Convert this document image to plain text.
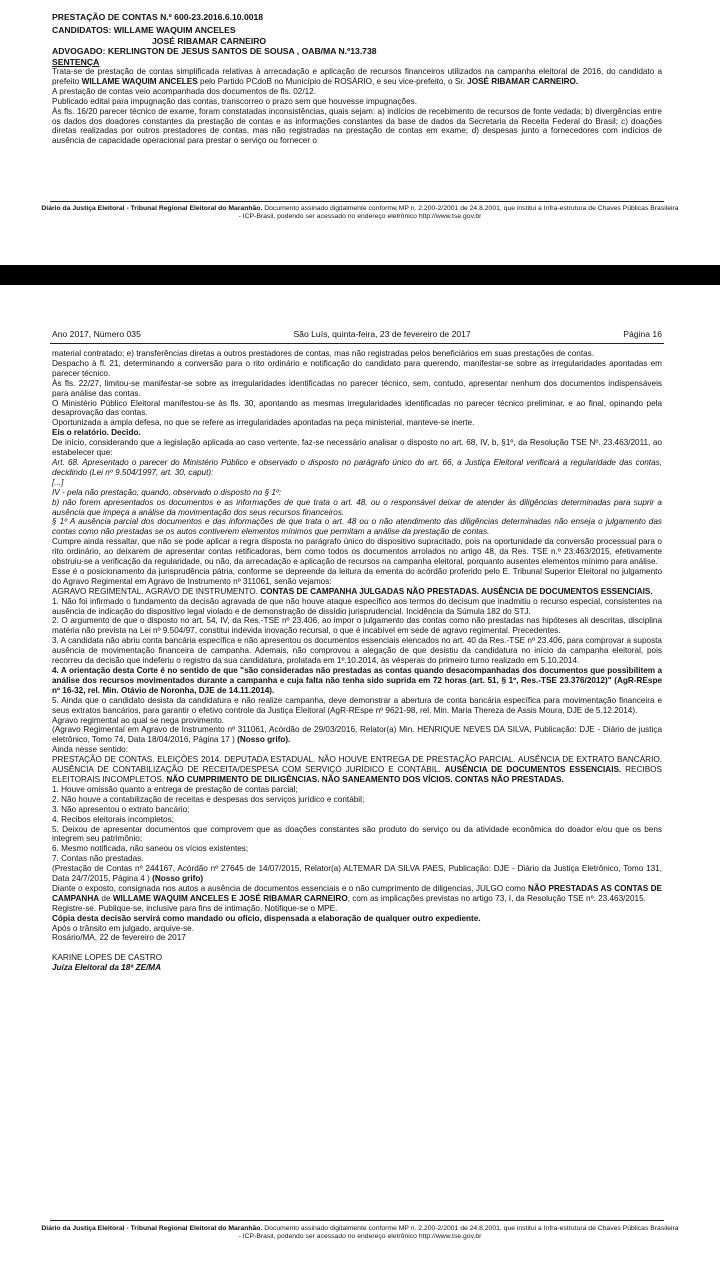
PRESTAÇÃO DE CONTAS N.º 600-23.2016.6.10.0018
CANDIDATOS: WILLAME WAQUIM ANCELES
JOSÉ RIBAMAR CARNEIRO
ADVOGADO: KERLINGTON DE JESUS SANTOS DE SOUSA , OAB/MA N.º13.738
SENTENÇA

Trata-se de prestação de contas simplificada relativas à arrecadação e aplicação de recursos financeiros utilizados na campanha eleitoral de 2016, do candidato a prefeito WILLAME WAQUIM ANCELES pelo Partido PCdoB no Município de ROSÁRIO, e seu vice-prefeito, o Sr. JOSÉ RIBAMAR CARNEIRO.

A prestação de contas veio acompanhada dos documentos de fls. 02/12.

Publicado edital para impugnação das contas, transcorreo o prazo sem que houvesse impugnações.

Às fls. 16/20 parecer técnico de exame, foram constatadas inconsistências, quais sejam: a) indícios de recebimento de recursos de fonte vedada; b) divergências entre os dados dos doadores constantes da prestação de contas e as informações constantes da base de dados da Secretaria da Receita Federal do Brasil; c) doações diretas realizadas por outros prestadores de contas, mas não registradas na prestação de contas em exame; d) despesas junto a fornecedores com indícios de ausência de capacidade operacional para prestar o serviço ou fornecer o

Diário da Justiça Eleitoral - Tribunal Regional Eleitoral do Maranhão. Documento assinado digitalmente conforme MP n. 2.200-2/2001 de 24.8.2001, que institui a Infra-estrutura de Chaves Públicas Brasileira - ICP-Brasil, podendo ser acessado no endereço eletrônico http://www.tse.gov.br
Ano 2017, Número 035	São Luís, quinta-feira, 23 de fevereiro de 2017	Página 16

material contratado; e) transferências diretas a outros prestadores de contas, mas não registradas pelos beneficiários em suas prestações de contas.

Despacho à fl. 21, determinando a conversão para o rito ordinário e notificação do candidato para querendo, manifestar-se sobre as irregularidades apontadas em parecer técnico.

Às fls. 22/27, limitou-se manifestar-se sobre as irregularidades identificadas no parecer técnico, sem, contudo, apresentar nenhum dos documentos indispensáveis para análise das contas.

O Ministério Público Eleitoral manifestou-se às fls. 30, apontando as mesmas irregularidades identificadas no parecer técnico preliminar, e ao final, opinando pela desaprovação das contas.

Oportunizada a ampla defesa, no que se refere as irregularidades apontadas na peça ministerial, manteve-se inerte.

Eis o relatório. Decido.

De início, considerando que a legislação aplicada ao caso vertente, faz-se necessário analisar o disposto no art. 68, IV, b, §1º, da Resolução TSE Nº. 23.463/2011, ao estabelecer que:

Art. 68. Apresentado o parecer do Ministério Público e observado o disposto no parágrafo único do art. 66, a Justiça Eleitoral verificará a regularidade das contas, decidindo (Lei nº 9.504/1997, art. 30, caput):

[...]

IV - pela não prestação, quando, observado o disposto no § 1º:

b) não forem apresentados os documentos e as informações de que trata o art. 48, ou o responsável deixar de atender às diligências determinadas para suprir a ausência que impeça a análise da movimentação dos seus recursos financeiros.

§ 1º A ausência parcial dos documentos e das informações de que trata o art. 48 ou o não atendimento das diligências determinadas não enseja o julgamento das contas como não prestadas se os autos contiverem elementos mínimos que permitam a análise da prestação de contas.

Cumpre ainda ressaltar, que não se pode aplicar a regra disposta no parágrafo único do dispositivo supracitado, pois na oportunidade da conversão processual para o rito ordinário, ao deixarem de apresentar contas retificadoras, bem como todos os documentos arrolados no artigo 48, da Res. TSE n.º 23.463/2015, efetivamente obstruiu-se a verificação da regularidade, ou não, da arrecadação e aplicação de recursos na campanha eleitoral, porquanto ausentes elementos mínimo para análise.

Esse é o posicionamento da jurisprudência pátria, conforme se depreende da leitura da ementa do acórdão proferido pelo E. Tribunal Superior Eleitoral no julgamento do Agravo Regimental em Agravo de Instrumento nº 311061, senão vejamos:

AGRAVO REGIMENTAL. AGRAVO DE INSTRUMENTO. CONTAS DE CAMPANHA JULGADAS NÃO PRESTADAS. AUSÊNCIA DE DOCUMENTOS ESSENCIAIS.

1. Não foi infirmado o fundamento da decisão agravada de que não houve ataque específico aos termos do decisum que inadmitiu o recurso especial, consistentes na ausência de indicação do dispositivo legal violado e de demonstração de dissídio jurisprudencial. Incidência da Súmula 182 do STJ.

2. O argumento de que o disposto no art. 54, IV, da Res.-TSE nº 23.406, ao impor o julgamento das contas como não prestadas nas hipóteses ali descritas, disciplina matéria não prevista na Lei nº 9.504/97, constitui indevida inovação recursal, o que é incabível em sede de agravo regimental. Precedentes.

3. A candidata não abriu conta bancária específica e não apresentou os documentos essenciais elencados no art. 40 da Res.-TSE nº 23.406, para comprovar a suposta ausência de movimentação financeira de campanha. Ademais, não comprovou a alegação de que desistiu da candidatura no início da campanha eleitoral, pois recorreu da decisão que indeferiu o registro da sua candidatura, prolatada em 1º.10.2014, às vésperas do primeiro turno realizado em 5.10.2014.

4. A orientação desta Corte é no sentido de que "são consideradas não prestadas as contas quando desacompanhadas dos documentos que possibilitem a análise dos recursos movimentados durante a campanha e cuja falta não tenha sido suprida em 72 horas (art. 51, § 1º, Res.-TSE 23.376/2012)" (AgR-REspe nº 16-32, rel. Min. Otávio de Noronha, DJE de 14.11.2014).

5. Ainda que o candidato desista da candidatura e não realize campanha, deve demonstrar a abertura de conta bancária específica para movimentação financeira e seus extratos bancários, para garantir o efetivo controle da Justiça Eleitoral (AgR-REspe nº 9621-98, rel. Min. Maria Thereza de Assis Moura, DJE de 5.12.2014).

Agravo regimental ao qual se nega provimento.

(Agravo Regimental em Agravo de Instrumento nº 311061, Acórdão de 29/03/2016, Relator(a) Min. HENRIQUE NEVES DA SILVA, Publicação: DJE - Diário de justiça eletrônico, Tomo 74, Data 18/04/2016, Página 17 ) (Nosso grifo).

Ainda nesse sentido:

PRESTAÇÃO DE CONTAS. ELEIÇÕES 2014. DEPUTADA ESTADUAL. NÃO HOUVE ENTREGA DE PRESTAÇÃO PARCIAL. AUSÊNCIA DE EXTRATO BANCÁRIO. AUSÊNCIA DE CONTABILIZAÇÃO DE RECEITA/DESPESA COM SERVIÇO JURÍDICO E CONTÁBIL. AUSÊNCIA DE DOCUMENTOS ESSENCIAIS. RECIBOS ELEITORAIS INCOMPLETOS. NÃO CUMPRIMENTO DE DILIGÊNCIAS. NÃO SANEAMENTO DOS VÍCIOS. CONTAS NÃO PRESTADAS.

1. Houve omissão quanto a entrega de prestação de contas parcial;

2. Não houve a contabilização de receitas e despesas dos serviços jurídico e contábil;

3. Não apresentou o extrato bancário;

4. Recibos eleitorais incompletos;

5. Deixou de apresentar documentos que comprovem que as doações constantes são produto do serviço ou da atividade econômica do doador e/ou que os bens integrem seu patrimônio;

6. Mesmo notificada, não saneou os vícios existentes;

7. Contas não prestadas.

(Prestação de Contas nº 244167, Acórdão nº 27645 de 14/07/2015, Relator(a) ALTEMAR DA SILVA PAES, Publicação: DJE - Diário da Justiça Eletrônico, Tomo 131, Data 24/7/2015, Página 4 ) (Nosso grifo)

Diante o exposto, consignada nos autos a ausência de documentos essenciais e o não cumprimento de diligencias, JULGO como NÃO PRESTADAS AS CONTAS DE CAMPANHA de WILLAME WAQUIM ANCELES E JOSÉ RIBAMAR CARNEIRO, com as implicações previstas no artigo 73, I, da Resolução TSE nº. 23.463/2015.

Registre-se. Publique-se, inclusive para fins de intimação. Notifique-se o MPE.

Cópia desta decisão servirá como mandado ou ofício, dispensada a elaboração de qualquer outro expediente.

Após o trânsito em julgado, arquive-se.

Rosário/MA, 22 de fevereiro de 2017

KARINE LOPES DE CASTRO

Juíza Eleitoral da 18ª ZE/MA

Diário da Justiça Eleitoral - Tribunal Regional Eleitoral do Maranhão. Documento assinado digitalmente conforme MP n. 2.200-2/2001 de 24.8.2001, que institui a Infra-estrutura de Chaves Públicas Brasileira - ICP-Brasil, podendo ser acessado no endereço eletrônico http://www.tse.gov.br
